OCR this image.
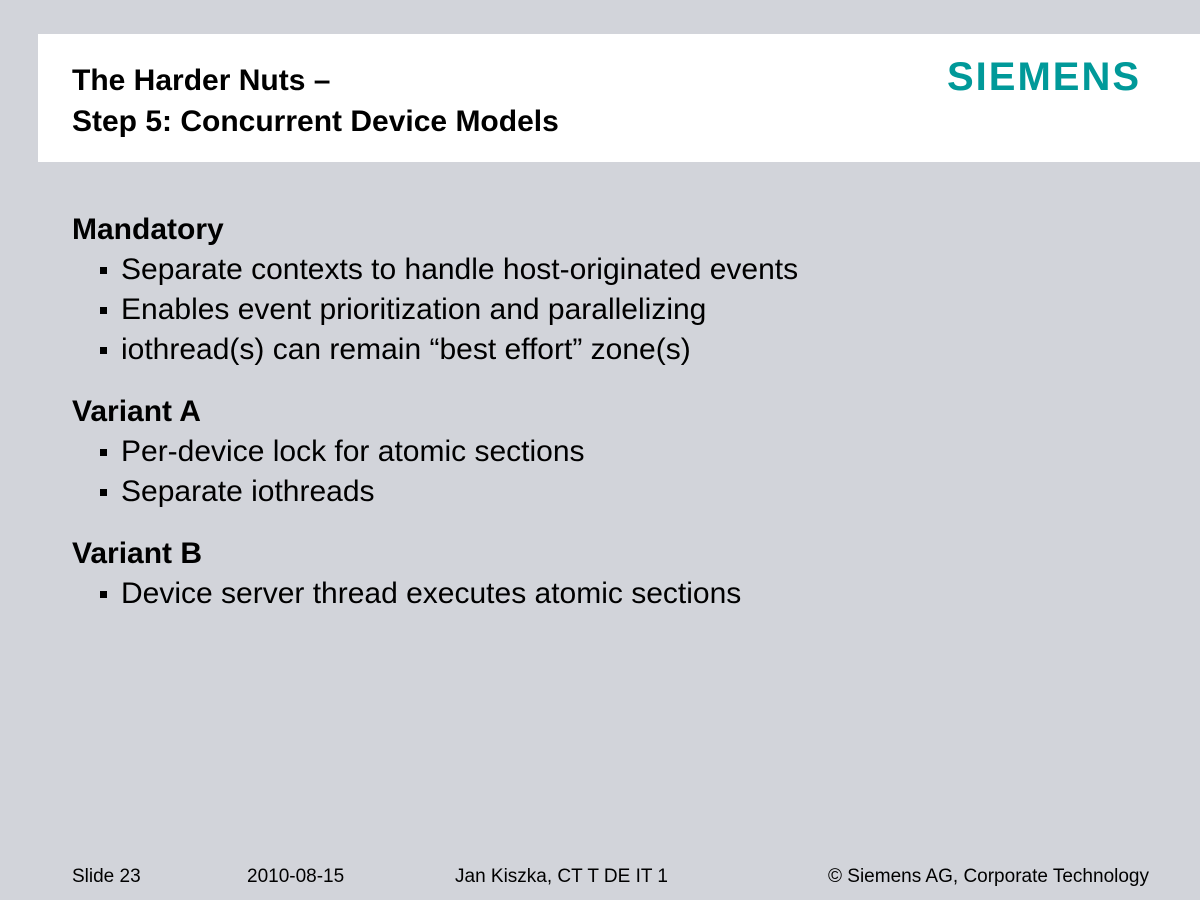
The Harder Nuts –
Step 5: Concurrent Device Models
SIEMENS
Mandatory
Separate contexts to handle host-originated events
Enables event prioritization and parallelizing
iothread(s) can remain “best effort” zone(s)
Variant A
Per-device lock for atomic sections
Separate iothreads
Variant B
Device server thread executes atomic sections
Slide 23	2010-08-15	Jan Kiszka, CT T DE IT 1	© Siemens AG, Corporate Technology
